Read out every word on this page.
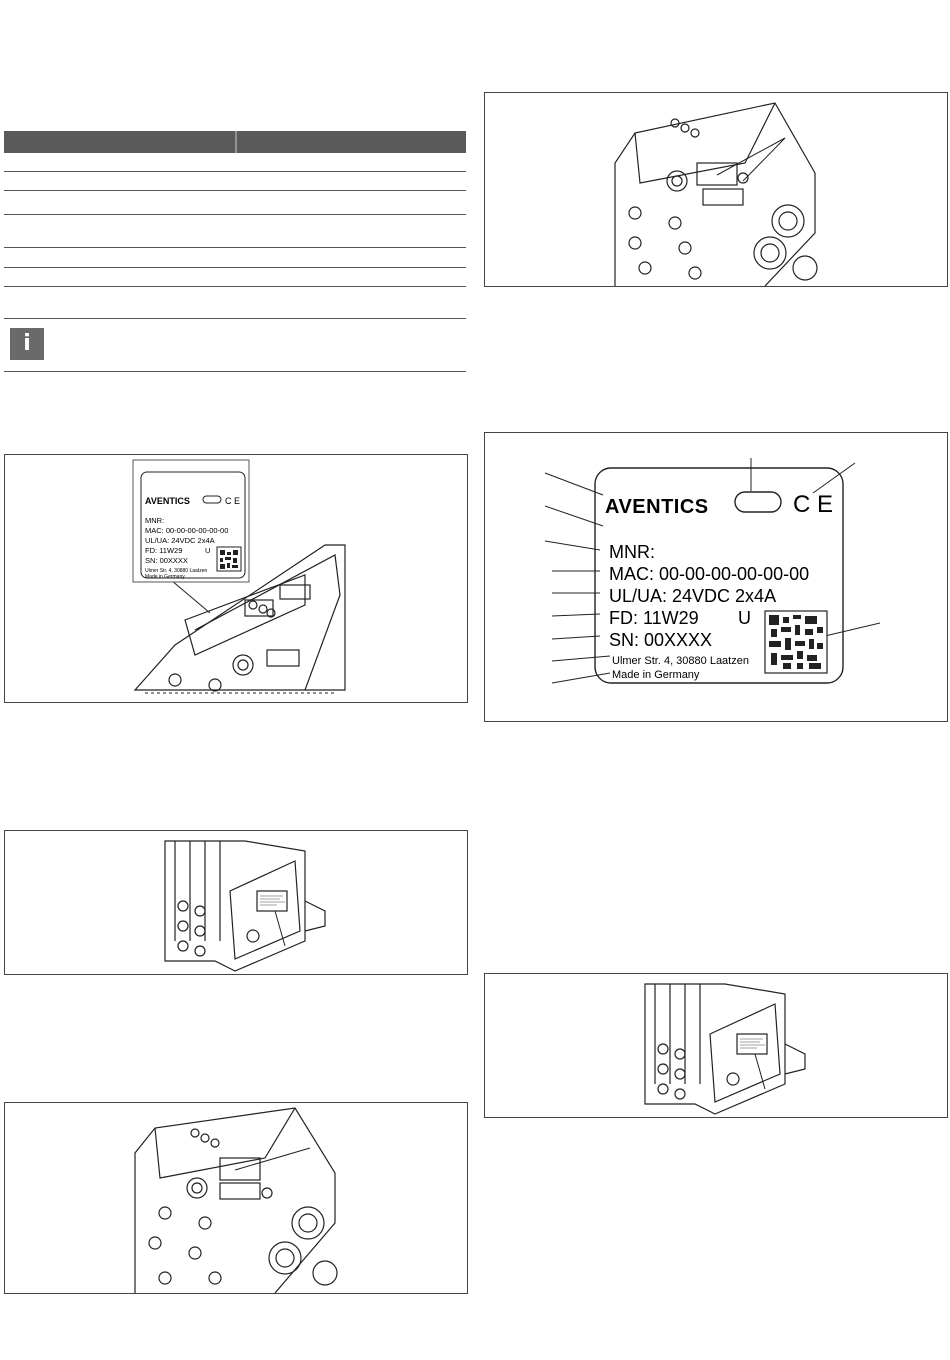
i
AVENTICS	C E
MNR:
MAC: 00-00-00-00-00-00
UL/UA: 24VDC 2x4A
FD: 11W29	U
SN: 00XXXX
Ulmer Str. 4, 30880 Laatzen
Made in Germany
AVENTICS	C E
MNR:
MAC: 00-00-00-00-00-00
UL/UA: 24VDC 2x4A
FD: 11W29 U
SN: 00XXXX
Ulmer Str. 4, 30880 Laatzen
Made in Germany
